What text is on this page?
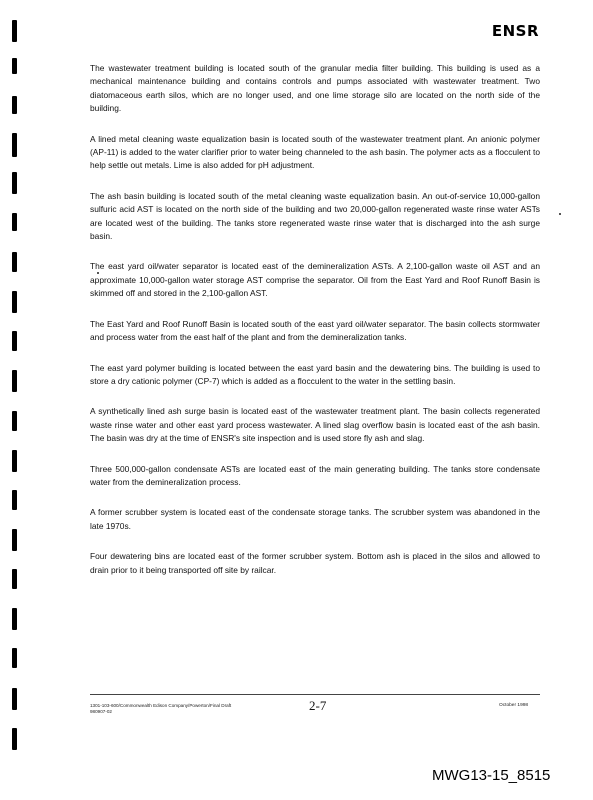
ENSR

The wastewater treatment building is located south of the granular media filter building. This building is used as a mechanical maintenance building and contains controls and pumps associated with wastewater treatment. Two diatomaceous earth silos, which are no longer used, and one lime storage silo are located on the north side of the building.

A lined metal cleaning waste equalization basin is located south of the wastewater treatment plant. An anionic polymer (AP-11) is added to the water clarifier prior to water being channeled to the ash basin. The polymer acts as a flocculent to help settle out metals. Lime is also added for pH adjustment.

The ash basin building is located south of the metal cleaning waste equalization basin. An out-of-service 10,000-gallon sulfuric acid AST is located on the north side of the building and two 20,000-gallon regenerated waste rinse water ASTs are located west of the building. The tanks store regenerated waste rinse water that is discharged into the ash surge basin.

The east yard oil/water separator is located east of the demineralization ASTs. A 2,100-gallon waste oil AST and an approximate 10,000-gallon water storage AST comprise the separator. Oil from the East Yard and Roof Runoff Basin is skimmed off and stored in the 2,100-gallon AST.

The East Yard and Roof Runoff Basin is located south of the east yard oil/water separator. The basin collects stormwater and process water from the east half of the plant and from the demineralization tanks.

The east yard polymer building is located between the east yard basin and the dewatering bins. The building is used to store a dry cationic polymer (CP-7) which is added as a flocculent to the water in the settling basin.

A synthetically lined ash surge basin is located east of the wastewater treatment plant. The basin collects regenerated waste rinse water and other east yard process wastewater. A lined slag overflow basin is located east of the ash basin. The basin was dry at the time of ENSR's site inspection and is used store fly ash and slag.

Three 500,000-gallon condensate ASTs are located east of the main generating building. The tanks store condensate water from the demineralization process.

A former scrubber system is located east of the condensate storage tanks. The scrubber system was abandoned in the late 1970s.

Four dewatering bins are located east of the former scrubber system. Bottom ash is placed in the silos and allowed to drain prior to it being transported off site by railcar.

1301-103-600/Commonwealth Edison Company/Powerton/Final Draft
980907-02	2-7	October 1998
MWG13-15_8515
